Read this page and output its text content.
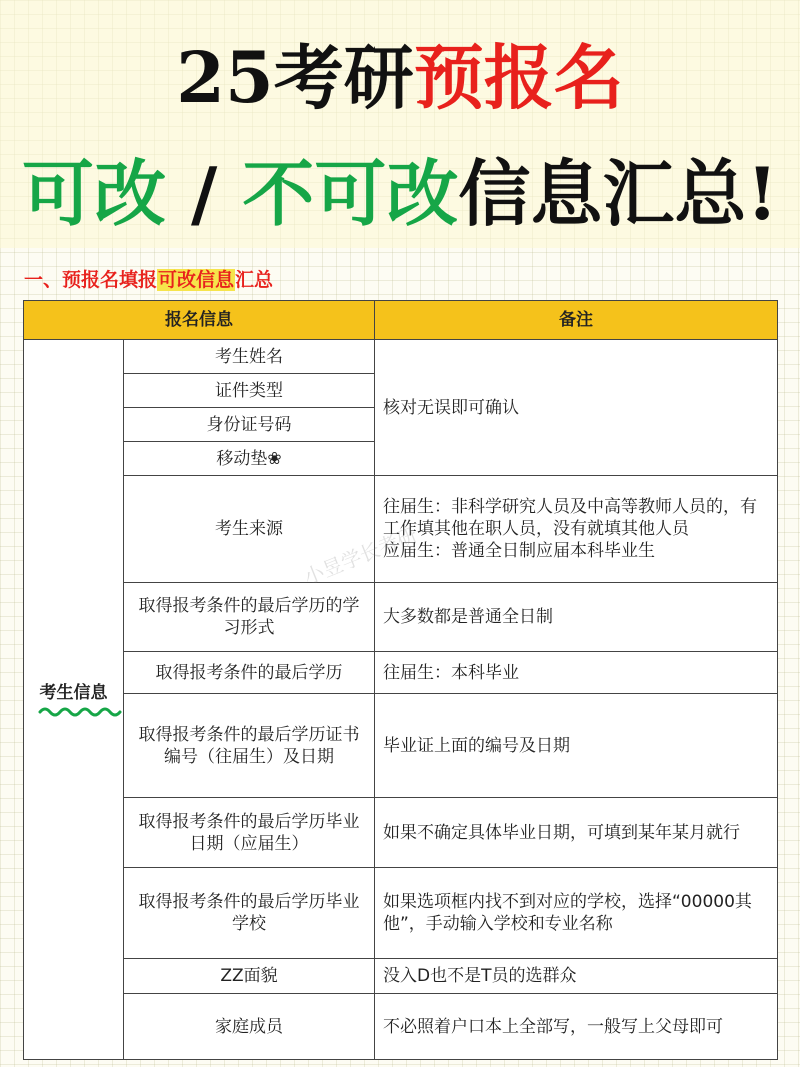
25考研预报名
可改 / 不可改信息汇总!
一、预报名填报可改信息汇总
报名信息		备注
考生信息	考生姓名	核对无误即可确认
	证件类型	
	身份证号码	
	移动垫❀	
	考生来源	往届生：非科学研究人员及中高等教师人员的，有工作填其他在职人员，没有就填其他人员
应届生：普通全日制应届本科毕业生
	取得报考条件的最后学历的学习形式	大多数都是普通全日制
	取得报考条件的最后学历	往届生：本科毕业
	取得报考条件的最后学历证书编号（往届生）及日期	毕业证上面的编号及日期
	取得报考条件的最后学历毕业日期（应届生）	如果不确定具体毕业日期，可填到某年某月就行
	取得报考条件的最后学历毕业学校	如果选项框内找不到对应的学校，选择“00000其他”，手动输入学校和专业名称
	ZZ面貌	没入D也不是T员的选群众
	家庭成员	不必照着户口本上全部写，一般写上父母即可
小昱学长考研
